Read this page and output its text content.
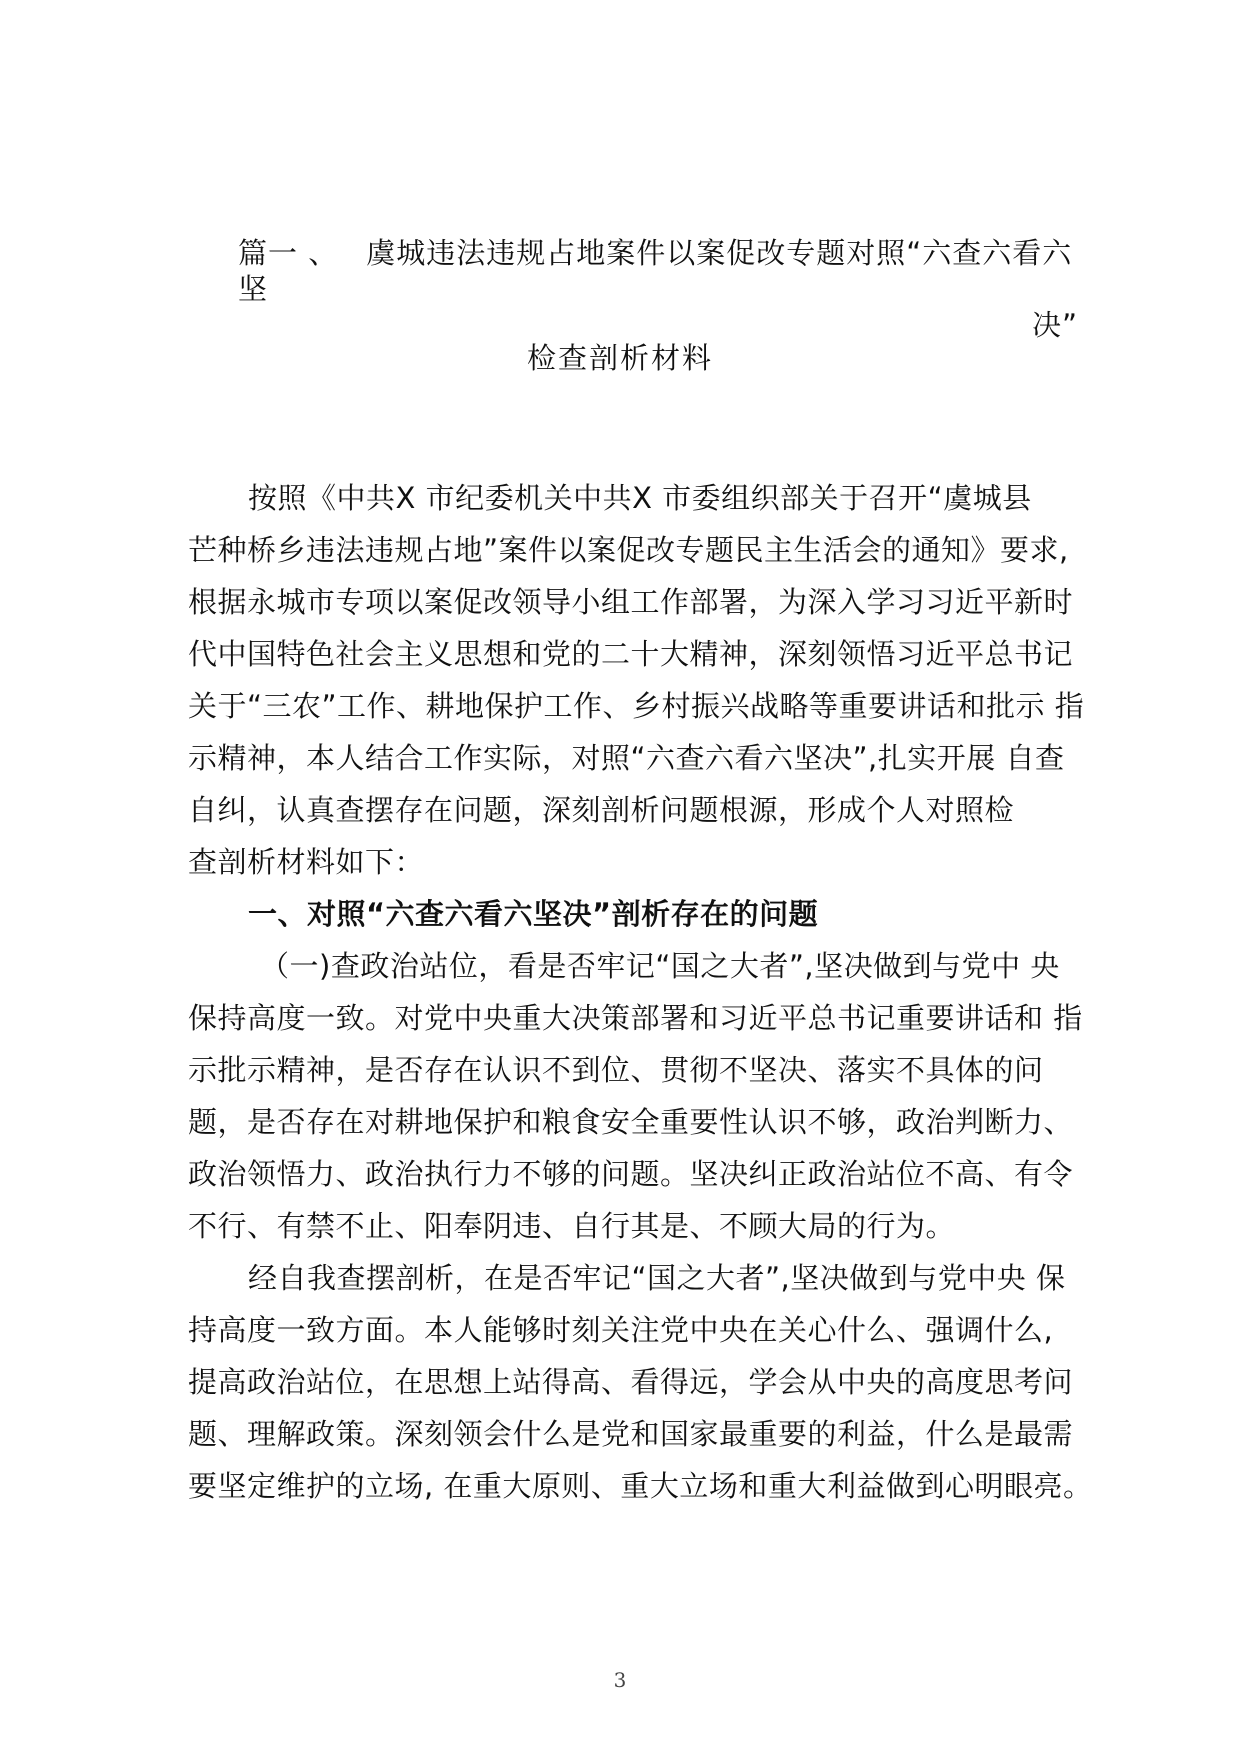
篇一 、 虞城违法违规占地案件以案促改专题对照“六查六看六坚
决”
检查剖析材料
按照《中共X 市纪委机关中共X 市委组织部关于召开“虞城县
芒种桥乡违法违规占地”案件以案促改专题民主生活会的通知》要求,
根据永城市专项以案促改领导小组工作部署，为深入学习习近平新时
代中国特色社会主义思想和党的二十大精神，深刻领悟习近平总书记
关于“三农”工作、耕地保护工作、乡村振兴战略等重要讲话和批示 指
示精神，本人结合工作实际，对照“六查六看六坚决”,扎实开展 自查
自纠，认真查摆存在问题，深刻剖析问题根源，形成个人对照检
查剖析材料如下：
一、对照“六查六看六坚决”剖析存在的问题
（一)查政治站位，看是否牢记“国之大者”,坚决做到与党中 央
保持高度一致。对党中央重大决策部署和习近平总书记重要讲话和 指
示批示精神，是否存在认识不到位、贯彻不坚决、落实不具体的问
题，是否存在对耕地保护和粮食安全重要性认识不够，政治判断力、
政治领悟力、政治执行力不够的问题。坚决纠正政治站位不高、有令
不行、有禁不止、阳奉阴违、自行其是、不顾大局的行为。
经自我查摆剖析，在是否牢记“国之大者”,坚决做到与党中央 保
持高度一致方面。本人能够时刻关注党中央在关心什么、强调什么,
提高政治站位，在思想上站得高、看得远，学会从中央的高度思考问
题、理解政策。深刻领会什么是党和国家最重要的利益，什么是最需
要坚定维护的立场, 在重大原则、重大立场和重大利益做到心明眼亮。
3
